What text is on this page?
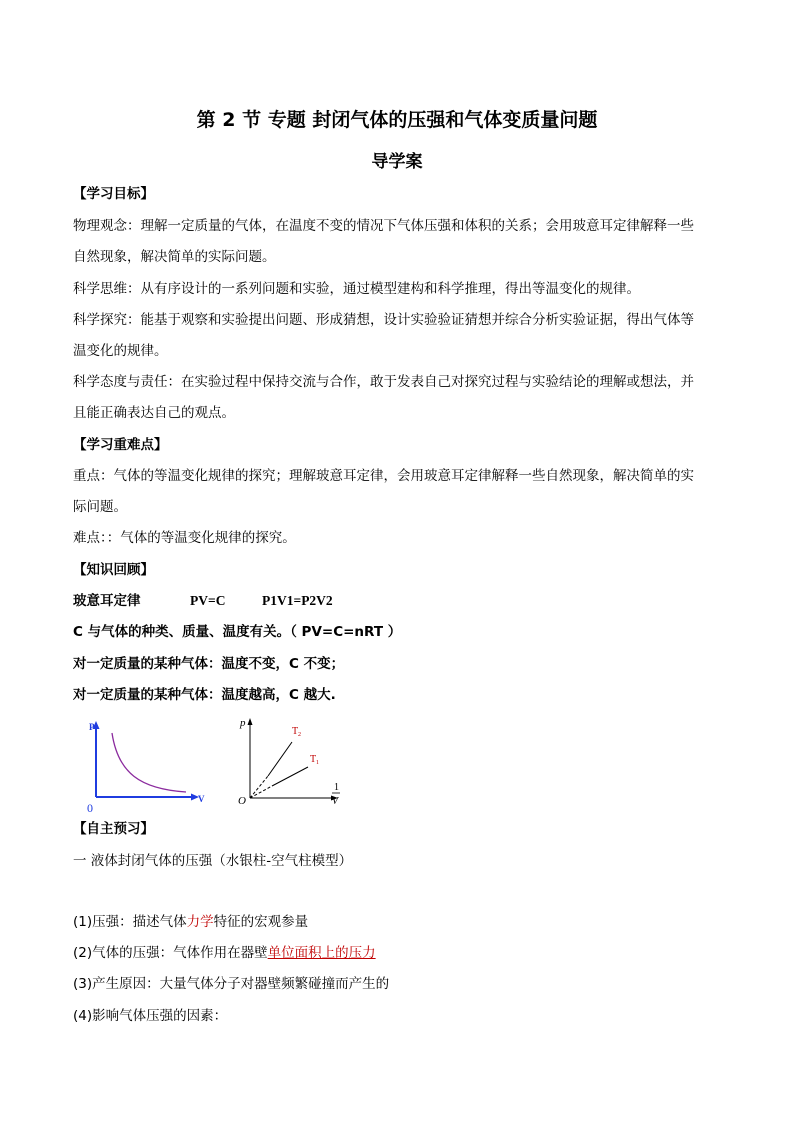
第 2 节 专题 封闭气体的压强和气体变质量问题
导学案
【学习目标】
物理观念：理解一定质量的气体，在温度不变的情况下气体压强和体积的关系；会用玻意耳定律解释一些
自然现象，解决简单的实际问题。
科学思维：从有序设计的一系列问题和实验，通过模型建构和科学推理，得出等温变化的规律。
科学探究：能基于观察和实验提出问题、形成猜想，设计实验验证猜想并综合分析实验证据，得出气体等
温变化的规律。
科学态度与责任：在实验过程中保持交流与合作，敢于发表自己对探究过程与实验结论的理解或想法，并
且能正确表达自己的观点。
【学习重难点】
重点：气体的等温变化规律的探究；理解玻意耳定律，会用玻意耳定律解释一些自然现象，解决简单的实
际问题。
难点：：气体的等温变化规律的探究。
【知识回顾】
玻意耳定律	PV=C	P1V1=P2V2
C 与气体的种类、质量、温度有关。（ PV=C=nRT ）
对一定质量的某种气体：温度不变，C 不变；
对一定质量的某种气体：温度越高，C 越大.
P
V
0
p
O
T 2
T 1
1
V
【自主预习】
一 液体封闭气体的压强（水银柱-空气柱模型）
(1)压强：描述气体力学特征的宏观参量
(2)气体的压强：气体作用在器壁单位面积上的压力
(3)产生原因：大量气体分子对器壁频繁碰撞而产生的
(4)影响气体压强的因素：
